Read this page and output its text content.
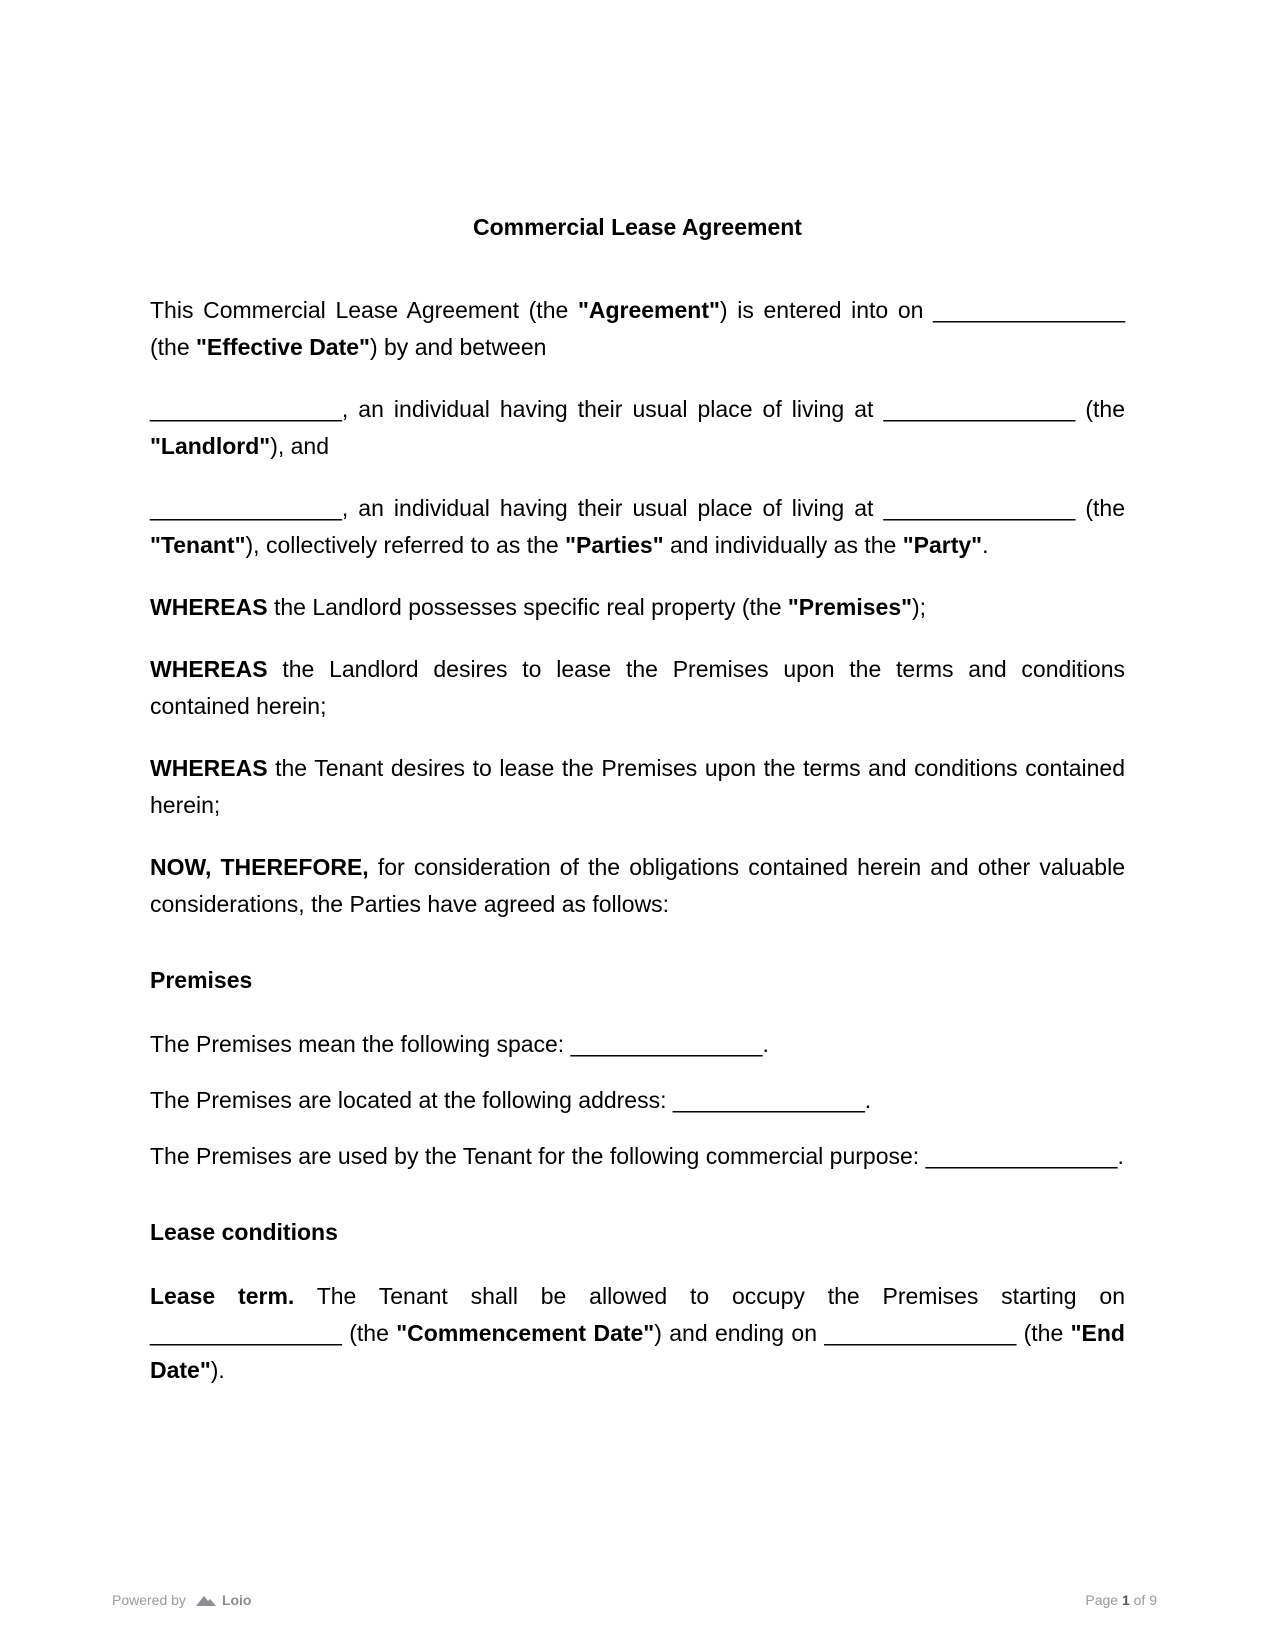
Commercial Lease Agreement

This Commercial Lease Agreement (the "Agreement") is entered into on _______________ (the "Effective Date") by and between

_______________, an individual having their usual place of living at _______________ (the "Landlord"), and

_______________, an individual having their usual place of living at _______________ (the "Tenant"), collectively referred to as the "Parties" and individually as the "Party".

WHEREAS the Landlord possesses specific real property (the "Premises");

WHEREAS the Landlord desires to lease the Premises upon the terms and conditions contained herein;

WHEREAS the Tenant desires to lease the Premises upon the terms and conditions contained herein;

NOW, THEREFORE, for consideration of the obligations contained herein and other valuable considerations, the Parties have agreed as follows:

Premises

The Premises mean the following space: _______________.

The Premises are located at the following address: _______________.

The Premises are used by the Tenant for the following commercial purpose: _______________.

Lease conditions

Lease term. The Tenant shall be allowed to occupy the Premises starting on _______________ (the "Commencement Date") and ending on _______________ (the "End Date").

Powered by	Loio	Page 1 of 9
